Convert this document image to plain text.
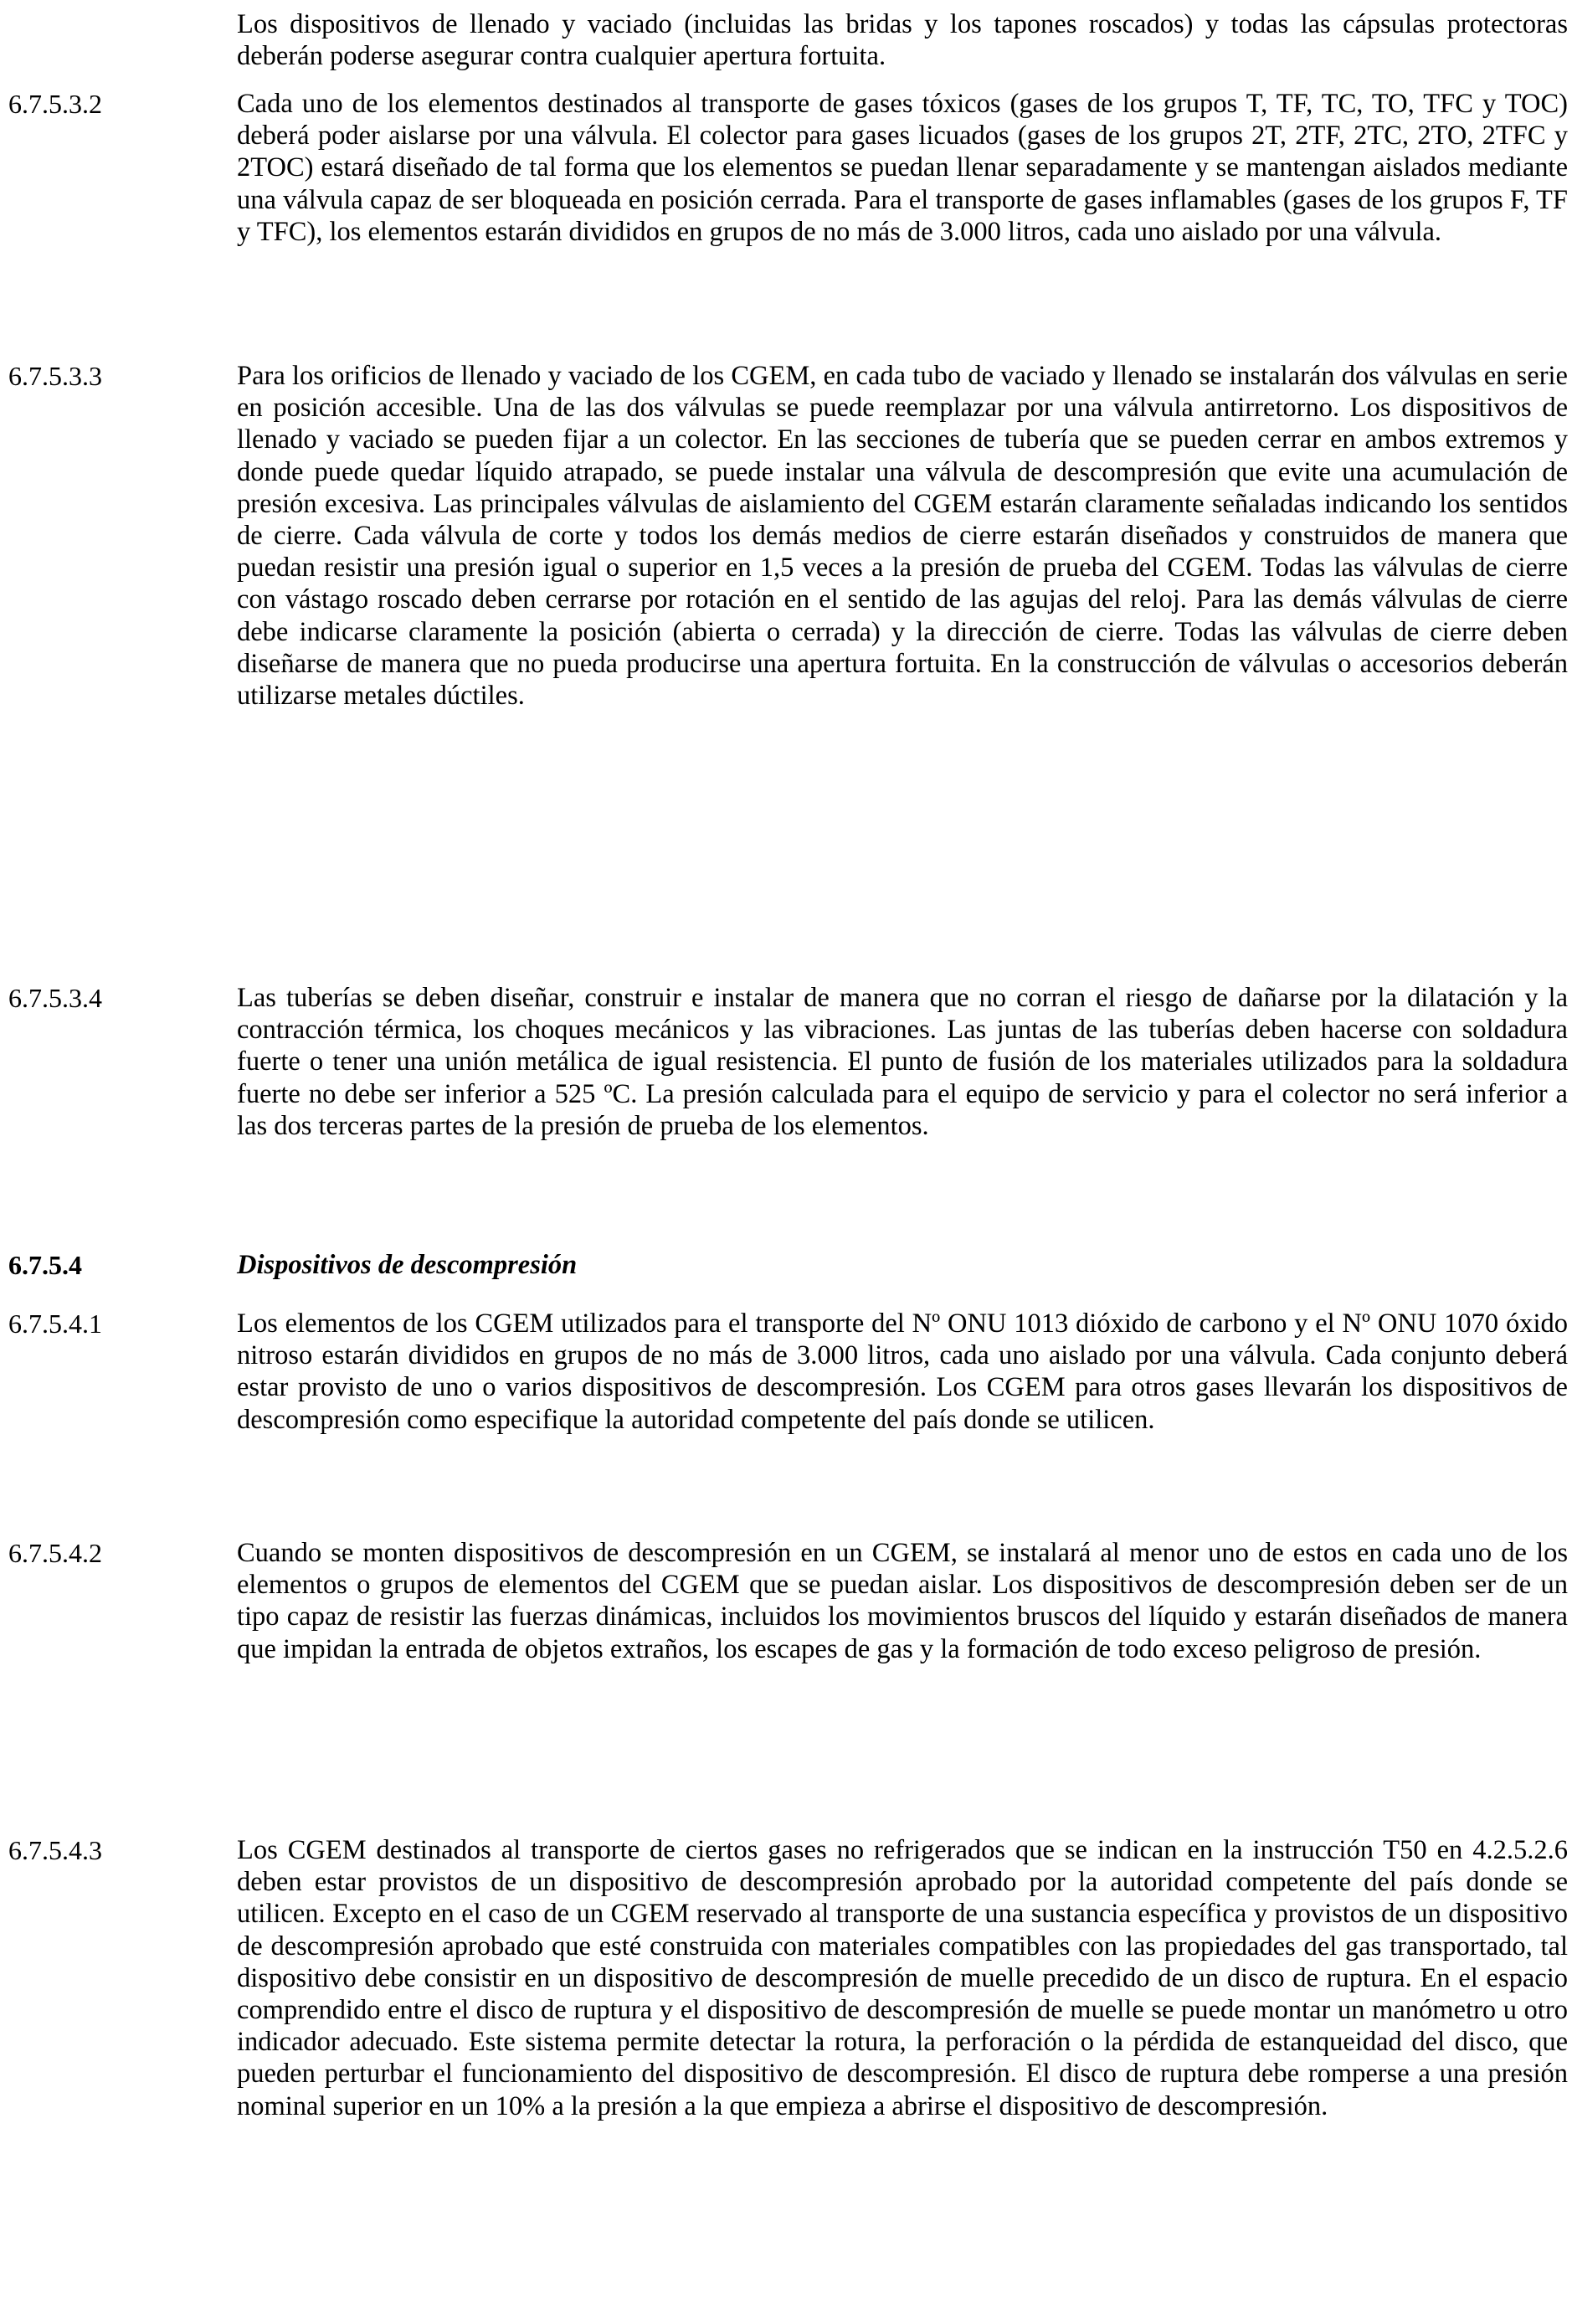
Los dispositivos de llenado y vaciado (incluidas las bridas y los tapones roscados) y todas las cápsulas protectoras deberán poderse asegurar contra cualquier apertura fortuita.

6.7.5.3.2	Cada uno de los elementos destinados al transporte de gases tóxicos (gases de los grupos T, TF, TC, TO, TFC y TOC) deberá poder aislarse por una válvula. El colector para gases licuados (gases de los grupos 2T, 2TF, 2TC, 2TO, 2TFC y 2TOC) estará diseñado de tal forma que los elementos se puedan llenar separadamente y se mantengan aislados mediante una válvula capaz de ser bloqueada en posición cerrada. Para el transporte de gases inflamables (gases de los grupos F, TF y TFC), los elementos estarán divididos en grupos de no más de 3.000 litros, cada uno aislado por una válvula.

6.7.5.3.3	Para los orificios de llenado y vaciado de los CGEM, en cada tubo de vaciado y llenado se instalarán dos válvulas en serie en posición accesible. Una de las dos válvulas se puede reemplazar por una válvula antirretorno. Los dispositivos de llenado y vaciado se pueden fijar a un colector. En las secciones de tubería que se pueden cerrar en ambos extremos y donde puede quedar líquido atrapado, se puede instalar una válvula de descompresión que evite una acumulación de presión excesiva. Las principales válvulas de aislamiento del CGEM estarán claramente señaladas indicando los sentidos de cierre. Cada válvula de corte y todos los demás medios de cierre estarán diseñados y construidos de manera que puedan resistir una presión igual o superior en 1,5 veces a la presión de prueba del CGEM. Todas las válvulas de cierre con vástago roscado deben cerrarse por rotación en el sentido de las agujas del reloj. Para las demás válvulas de cierre debe indicarse claramente la posición (abierta o cerrada) y la dirección de cierre. Todas las válvulas de cierre deben diseñarse de manera que no pueda producirse una apertura fortuita. En la construcción de válvulas o accesorios deberán utilizarse metales dúctiles.

6.7.5.3.4	Las tuberías se deben diseñar, construir e instalar de manera que no corran el riesgo de dañarse por la dilatación y la contracción térmica, los choques mecánicos y las vibraciones. Las juntas de las tuberías deben hacerse con soldadura fuerte o tener una unión metálica de igual resistencia. El punto de fusión de los materiales utilizados para la soldadura fuerte no debe ser inferior a 525 ºC. La presión calculada para el equipo de servicio y para el colector no será inferior a las dos terceras partes de la presión de prueba de los elementos.

6.7.5.4	Dispositivos de descompresión
6.7.5.4.1	Los elementos de los CGEM utilizados para el transporte del Nº ONU 1013 dióxido de carbono y el Nº ONU 1070 óxido nitroso estarán divididos en grupos de no más de 3.000 litros, cada uno aislado por una válvula. Cada conjunto deberá estar provisto de uno o varios dispositivos de descompresión. Los CGEM para otros gases llevarán los dispositivos de descompresión como especifique la autoridad competente del país donde se utilicen.

6.7.5.4.2	Cuando se monten dispositivos de descompresión en un CGEM, se instalará al menor uno de estos en cada uno de los elementos o grupos de elementos del CGEM que se puedan aislar. Los dispositivos de descompresión deben ser de un tipo capaz de resistir las fuerzas dinámicas, incluidos los movimientos bruscos del líquido y estarán diseñados de manera que impidan la entrada de objetos extraños, los escapes de gas y la formación de todo exceso peligroso de presión.

6.7.5.4.3	Los CGEM destinados al transporte de ciertos gases no refrigerados que se indican en la instrucción T50 en 4.2.5.2.6 deben estar provistos de un dispositivo de descompresión aprobado por la autoridad competente del país donde se utilicen. Excepto en el caso de un CGEM reservado al transporte de una sustancia específica y provistos de un dispositivo de descompresión aprobado que esté construida con materiales compatibles con las propiedades del gas transportado, tal dispositivo debe consistir en un dispositivo de descompresión de muelle precedido de un disco de ruptura. En el espacio comprendido entre el disco de ruptura y el dispositivo de descompresión de muelle se puede montar un manómetro u otro indicador adecuado. Este sistema permite detectar la rotura, la perforación o la pérdida de estanqueidad del disco, que pueden perturbar el funcionamiento del dispositivo de descompresión. El disco de ruptura debe romperse a una presión nominal superior en un 10% a la presión a la que empieza a abrirse el dispositivo de descompresión.
